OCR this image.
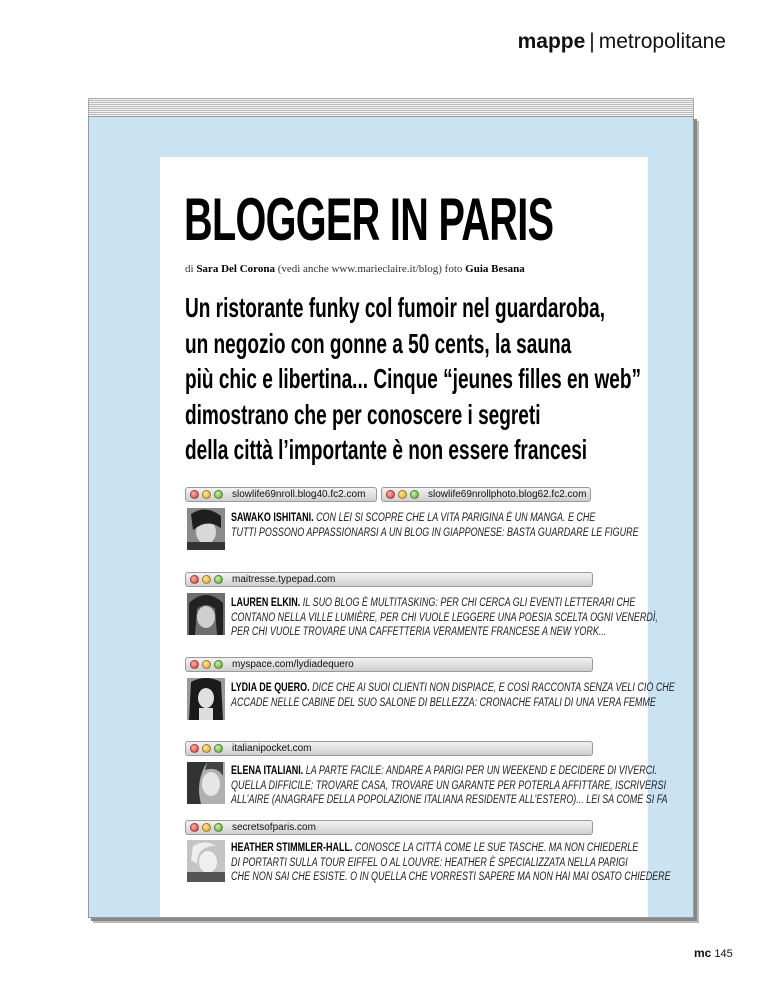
mappe | metropolitane
BLOGGER IN PARIS
di Sara Del Corona (vedi anche www.marieclaire.it/blog) foto Guia Besana
Un ristorante funky col fumoir nel guardaroba,
un negozio con gonne a 50 cents, la sauna
più chic e libertina... Cinque “jeunes filles en web”
dimostrano che per conoscere i segreti
della città l’importante è non essere francesi
slowlife69nroll.blog40.fc2.com	slowlife69nrollphoto.blog62.fc2.com
SAWAKO ISHITANI. CON LEI SI SCOPRE CHE LA VITA PARIGINA È UN MANGA. E CHE
TUTTI POSSONO APPASSIONARSI A UN BLOG IN GIAPPONESE: BASTA GUARDARE LE FIGURE
maitresse.typepad.com
LAUREN ELKIN. IL SUO BLOG È MULTITASKING: PER CHI CERCA GLI EVENTI LETTERARI CHE
CONTANO NELLA VILLE LUMIÈRE, PER CHI VUOLE LEGGERE UNA POESIA SCELTA OGNI VENERDÌ,
PER CHI VUOLE TROVARE UNA CAFFETTERIA VERAMENTE FRANCESE A NEW YORK...
myspace.com/lydiadequero
LYDIA DE QUERO. DICE CHE AI SUOI CLIENTI NON DISPIACE, E COSÌ RACCONTA SENZA VELI CIÒ CHE
ACCADE NELLE CABINE DEL SUO SALONE DI BELLEZZA: CRONACHE FATALI DI UNA VERA FEMME
italianipocket.com
ELENA ITALIANI. LA PARTE FACILE: ANDARE A PARIGI PER UN WEEKEND E DECIDERE DI VIVERCI.
QUELLA DIFFICILE: TROVARE CASA, TROVARE UN GARANTE PER POTERLA AFFITTARE, ISCRIVERSI
ALL’AIRE (ANAGRAFE DELLA POPOLAZIONE ITALIANA RESIDENTE ALL’ESTERO)... LEI SA COME SI FA
secretsofparis.com
HEATHER STIMMLER-HALL. CONOSCE LA CITTÀ COME LE SUE TASCHE. MA NON CHIEDERLE
DI PORTARTI SULLA TOUR EIFFEL O AL LOUVRE: HEATHER È SPECIALIZZATA NELLA PARIGI
CHE NON SAI CHE ESISTE. O IN QUELLA CHE VORRESTI SAPERE MA NON HAI MAI OSATO CHIEDERE
mc 145
